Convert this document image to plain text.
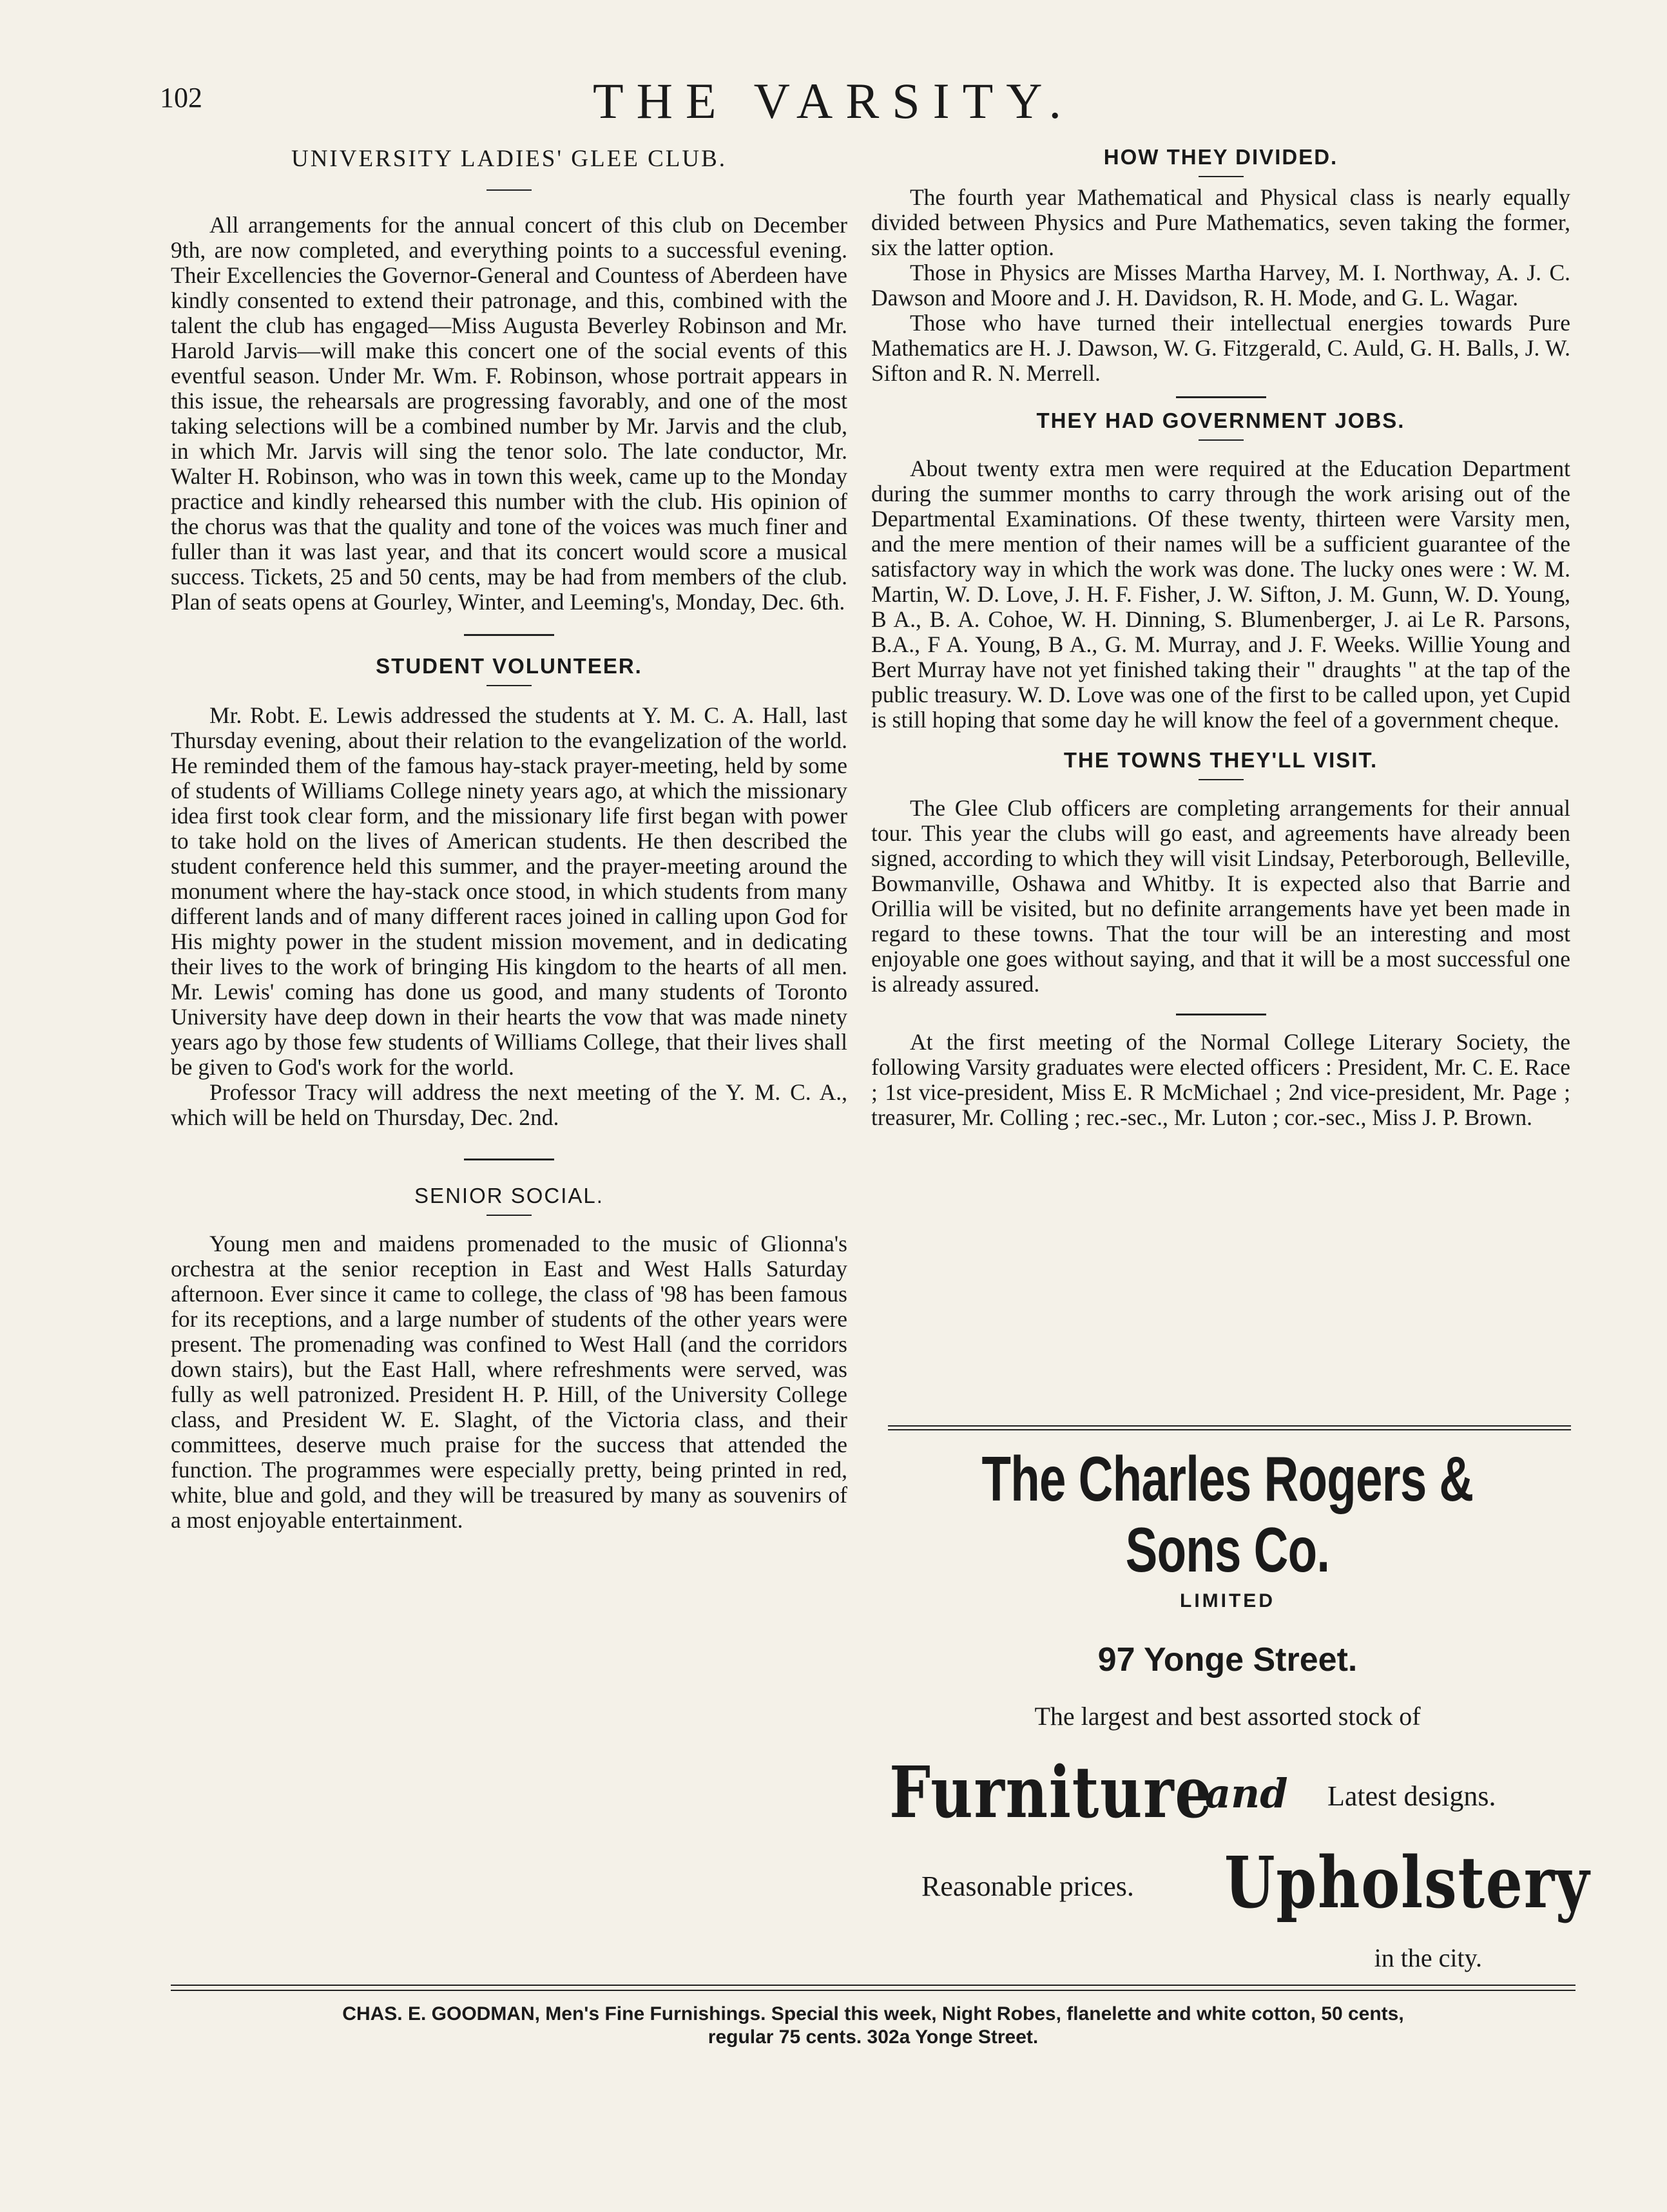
102	THE VARSITY.
UNIVERSITY LADIES' GLEE CLUB.

All arrangements for the annual concert of this club on December 9th, are now completed, and everything points to a successful evening. Their Excellencies the Governor-General and Countess of Aberdeen have kindly consented to extend their patronage, and this, combined with the talent the club has engaged—Miss Augusta Beverley Robinson and Mr. Harold Jarvis—will make this concert one of the social events of this eventful season. Under Mr. Wm. F. Robinson, whose portrait appears in this issue, the rehearsals are progressing favorably, and one of the most taking selections will be a combined number by Mr. Jarvis and the club, in which Mr. Jarvis will sing the tenor solo. The late conductor, Mr. Walter H. Robinson, who was in town this week, came up to the Monday practice and kindly rehearsed this number with the club. His opinion of the chorus was that the quality and tone of the voices was much finer and fuller than it was last year, and that its concert would score a musical success. Tickets, 25 and 50 cents, may be had from members of the club. Plan of seats opens at Gourley, Winter, and Leeming's, Monday, Dec. 6th.

STUDENT VOLUNTEER.

Mr. Robt. E. Lewis addressed the students at Y. M. C. A. Hall, last Thursday evening, about their relation to the evangelization of the world. He reminded them of the famous hay-stack prayer-meeting, held by some of students of Williams College ninety years ago, at which the missionary idea first took clear form, and the missionary life first began with power to take hold on the lives of American students. He then described the student conference held this summer, and the prayer-meeting around the monument where the hay-stack once stood, in which students from many different lands and of many different races joined in calling upon God for His mighty power in the student mission movement, and in dedicating their lives to the work of bringing His kingdom to the hearts of all men. Mr. Lewis' coming has done us good, and many students of Toronto University have deep down in their hearts the vow that was made ninety years ago by those few students of Williams College, that their lives shall be given to God's work for the world.

Professor Tracy will address the next meeting of the Y. M. C. A., which will be held on Thursday, Dec. 2nd.

SENIOR SOCIAL.

Young men and maidens promenaded to the music of Glionna's orchestra at the senior reception in East and West Halls Saturday afternoon. Ever since it came to college, the class of '98 has been famous for its receptions, and a large number of students of the other years were present. The promenading was confined to West Hall (and the corridors down stairs), but the East Hall, where refreshments were served, was fully as well patronized. President H. P. Hill, of the University College class, and President W. E. Slaght, of the Victoria class, and their committees, deserve much praise for the success that attended the function. The programmes were especially pretty, being printed in red, white, blue and gold, and they will be treasured by many as souvenirs of a most enjoyable entertainment.

HOW THEY DIVIDED.

The fourth year Mathematical and Physical class is nearly equally divided between Physics and Pure Mathematics, seven taking the former, six the latter option.

Those in Physics are Misses Martha Harvey, M. I. Northway, A. J. C. Dawson and Moore and J. H. Davidson, R. H. Mode, and G. L. Wagar.

Those who have turned their intellectual energies towards Pure Mathematics are H. J. Dawson, W. G. Fitzgerald, C. Auld, G. H. Balls, J. W. Sifton and R. N. Merrell.

THEY HAD GOVERNMENT JOBS.

About twenty extra men were required at the Education Department during the summer months to carry through the work arising out of the Departmental Examinations. Of these twenty, thirteen were Varsity men, and the mere mention of their names will be a sufficient guarantee of the satisfactory way in which the work was done. The lucky ones were : W. M. Martin, W. D. Love, J. H. F. Fisher, J. W. Sifton, J. M. Gunn, W. D. Young, B A., B. A. Cohoe, W. H. Dinning, S. Blumenberger, J. ai Le R. Parsons, B.A., F A. Young, B A., G. M. Murray, and J. F. Weeks. Willie Young and Bert Murray have not yet finished taking their " draughts " at the tap of the public treasury. W. D. Love was one of the first to be called upon, yet Cupid is still hoping that some day he will know the feel of a government cheque.

THE TOWNS THEY'LL VISIT.

The Glee Club officers are completing arrangements for their annual tour. This year the clubs will go east, and agreements have already been signed, according to which they will visit Lindsay, Peterborough, Belleville, Bowmanville, Oshawa and Whitby. It is expected also that Barrie and Orillia will be visited, but no definite arrangements have yet been made in regard to these towns. That the tour will be an interesting and most enjoyable one goes without saying, and that it will be a most successful one is already assured.

At the first meeting of the Normal College Literary Society, the following Varsity graduates were elected officers : President, Mr. C. E. Race ; 1st vice-president, Miss E. R McMichael ; 2nd vice-president, Mr. Page ; treasurer, Mr. Colling ; rec.-sec., Mr. Luton ; cor.-sec., Miss J. P. Brown.

The Charles Rogers & Sons Co.
LIMITED
97 Yonge Street.
The largest and best assorted stock of
Furniture
and Latest designs.
Reasonable prices. Upholstery
in the city.
CHAS. E. GOODMAN, Men's Fine Furnishings. Special this week, Night Robes, flanelette and white cotton, 50 cents,
regular 75 cents. 302a Yonge Street.
